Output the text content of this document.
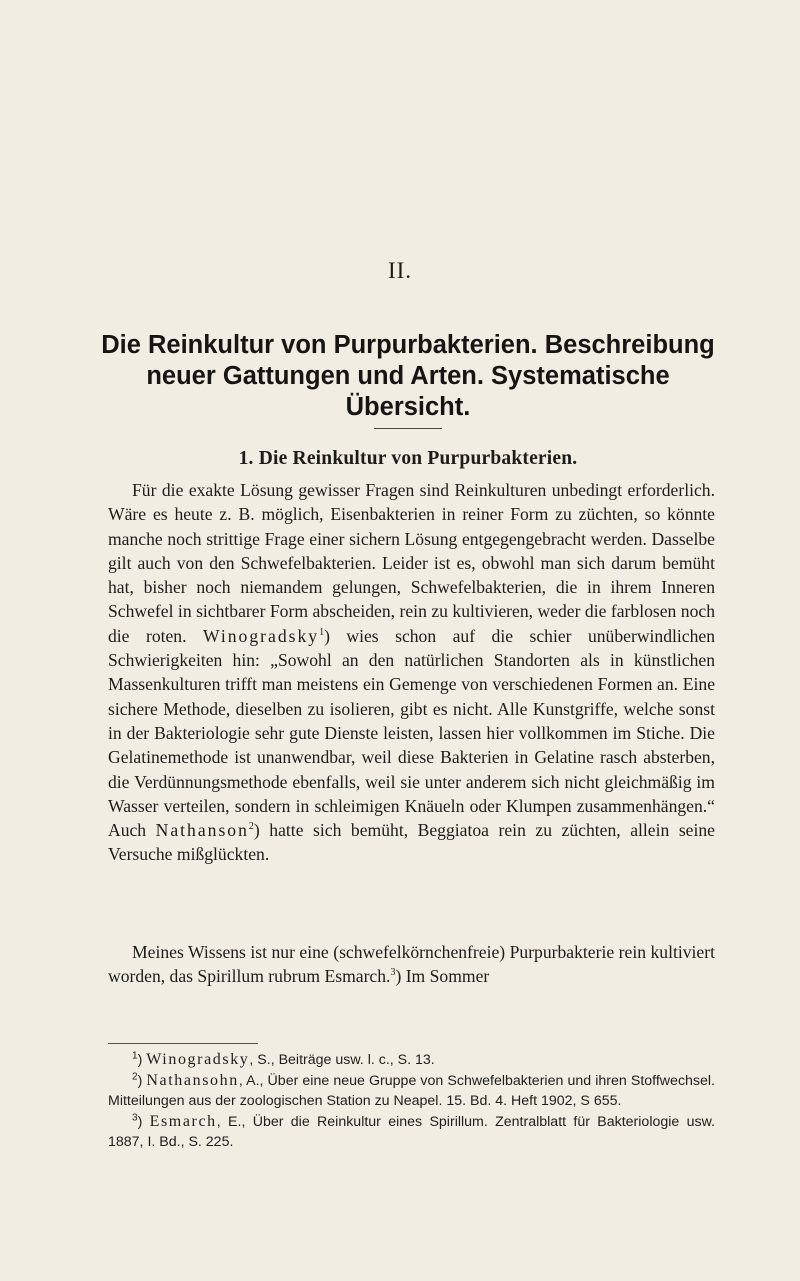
II.
Die Reinkultur von Purpurbakterien. Beschreibung
neuer Gattungen und Arten. Systematische Übersicht.
1. Die Reinkultur von Purpurbakterien.

Für die exakte Lösung gewisser Fragen sind Reinkulturen unbedingt erforderlich. Wäre es heute z. B. möglich, Eisenbakterien in reiner Form zu züchten, so könnte manche noch strittige Frage einer sichern Lösung entgegengebracht werden. Dasselbe gilt auch von den Schwefelbakterien. Leider ist es, obwohl man sich darum bemüht hat, bisher noch niemandem gelungen, Schwefelbakterien, die in ihrem Inneren Schwefel in sichtbarer Form abscheiden, rein zu kultivieren, weder die farblosen noch die roten. Winogradsky$^1$) wies schon auf die schier unüberwindlichen Schwierigkeiten hin: „Sowohl an den natürlichen Standorten als in künstlichen Massenkulturen trifft man meistens ein Gemenge von verschiedenen Formen an. Eine sichere Methode, dieselben zu isolieren, gibt es nicht. Alle Kunstgriffe, welche sonst in der Bakteriologie sehr gute Dienste leisten, lassen hier vollkommen im Stiche. Die Gelatinemethode ist unanwendbar, weil diese Bakterien in Gelatine rasch absterben, die Verdünnungsmethode ebenfalls, weil sie unter anderem sich nicht gleichmäßig im Wasser verteilen, sondern in schleimigen Knäueln oder Klumpen zusammenhängen.“ Auch Nathanson$^2$) hatte sich bemüht, Beggiatoa rein zu züchten, allein seine Versuche mißglückten.

Meines Wissens ist nur eine (schwefelkörnchenfreie) Purpurbakterie rein kultiviert worden, das Spirillum rubrum Esmarch.$^3$) Im Sommer

$^1$) Winogradsky, S., Beiträge usw. l. c., S. 13.

$^2$) Nathansohn, A., Über eine neue Gruppe von Schwefelbakterien und ihren Stoffwechsel. Mitteilungen aus der zoologischen Station zu Neapel. 15. Bd. 4. Heft 1902, S 655.

$^3$) Esmarch, E., Über die Reinkultur eines Spirillum. Zentralblatt für Bakteriologie usw. 1887, I. Bd., S. 225.
